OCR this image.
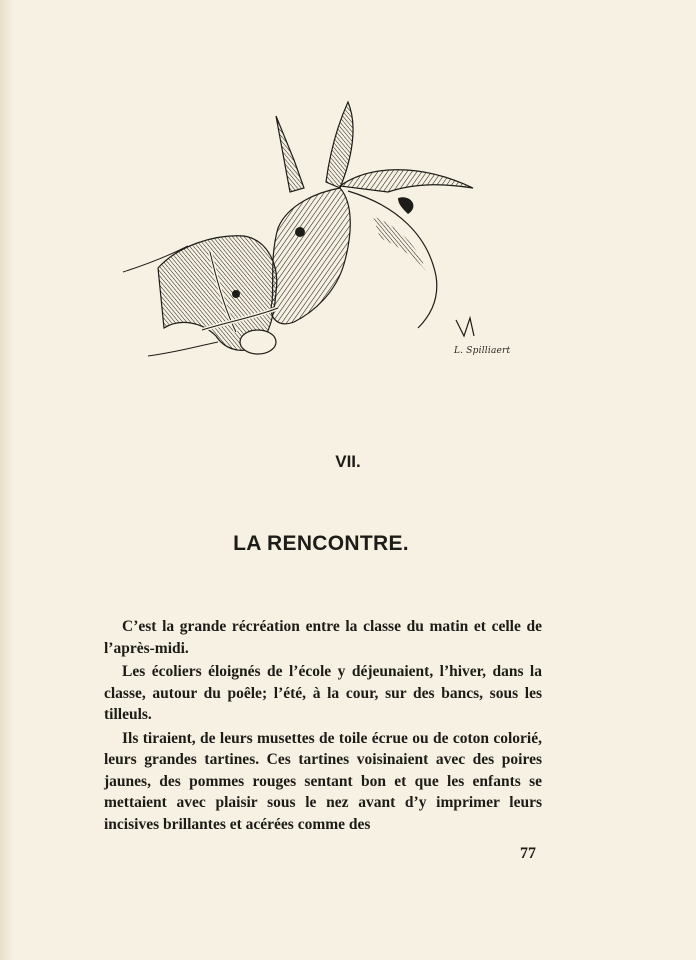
L. Spilliaert
VII.
LA RENCONTRE.

C’est la grande récréation entre la classe du matin et celle de l’après-midi.

Les écoliers éloignés de l’école y déjeunaient, l’hiver, dans la classe, autour du poêle; l’été, à la cour, sur des bancs, sous les tilleuls.

Ils tiraient, de leurs musettes de toile écrue ou de coton colorié, leurs grandes tartines. Ces tartines voisinaient avec des poires jaunes, des pommes rouges sentant bon et que les enfants se mettaient avec plaisir sous le nez avant d’y imprimer leurs incisives brillantes et acérées comme des

77
